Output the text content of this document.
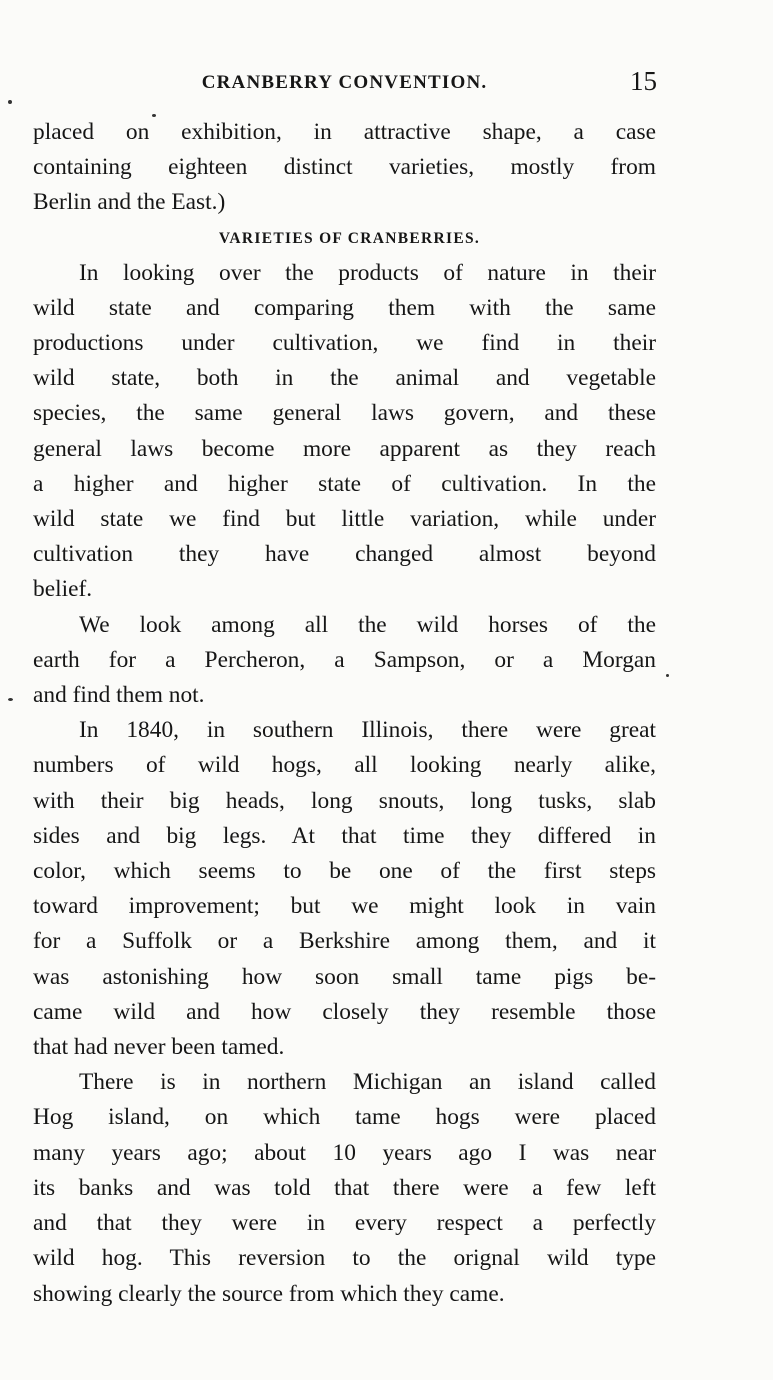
CRANBERRY CONVENTION.	15
placed on exhibition, in attractive shape, a case
containing eighteen distinct varieties, mostly from
Berlin and the East.)
VARIETIES OF CRANBERRIES.
In looking over the products of nature in their
wild state and comparing them with the same
productions under cultivation, we find in their
wild state, both in the animal and vegetable
species, the same general laws govern, and these
general laws become more apparent as they reach
a higher and higher state of cultivation. In the
wild state we find but little variation, while under
cultivation they have changed almost beyond
belief.
We look among all the wild horses of the
earth for a Percheron, a Sampson, or a Morgan
and find them not.
In 1840, in southern Illinois, there were great
numbers of wild hogs, all looking nearly alike,
with their big heads, long snouts, long tusks, slab
sides and big legs. At that time they differed in
color, which seems to be one of the first steps
toward improvement; but we might look in vain
for a Suffolk or a Berkshire among them, and it
was astonishing how soon small tame pigs be-
came wild and how closely they resemble those
that had never been tamed.
There is in northern Michigan an island called
Hog island, on which tame hogs were placed
many years ago; about 10 years ago I was near
its banks and was told that there were a few left
and that they were in every respect a perfectly
wild hog. This reversion to the orignal wild type
showing clearly the source from which they came.
